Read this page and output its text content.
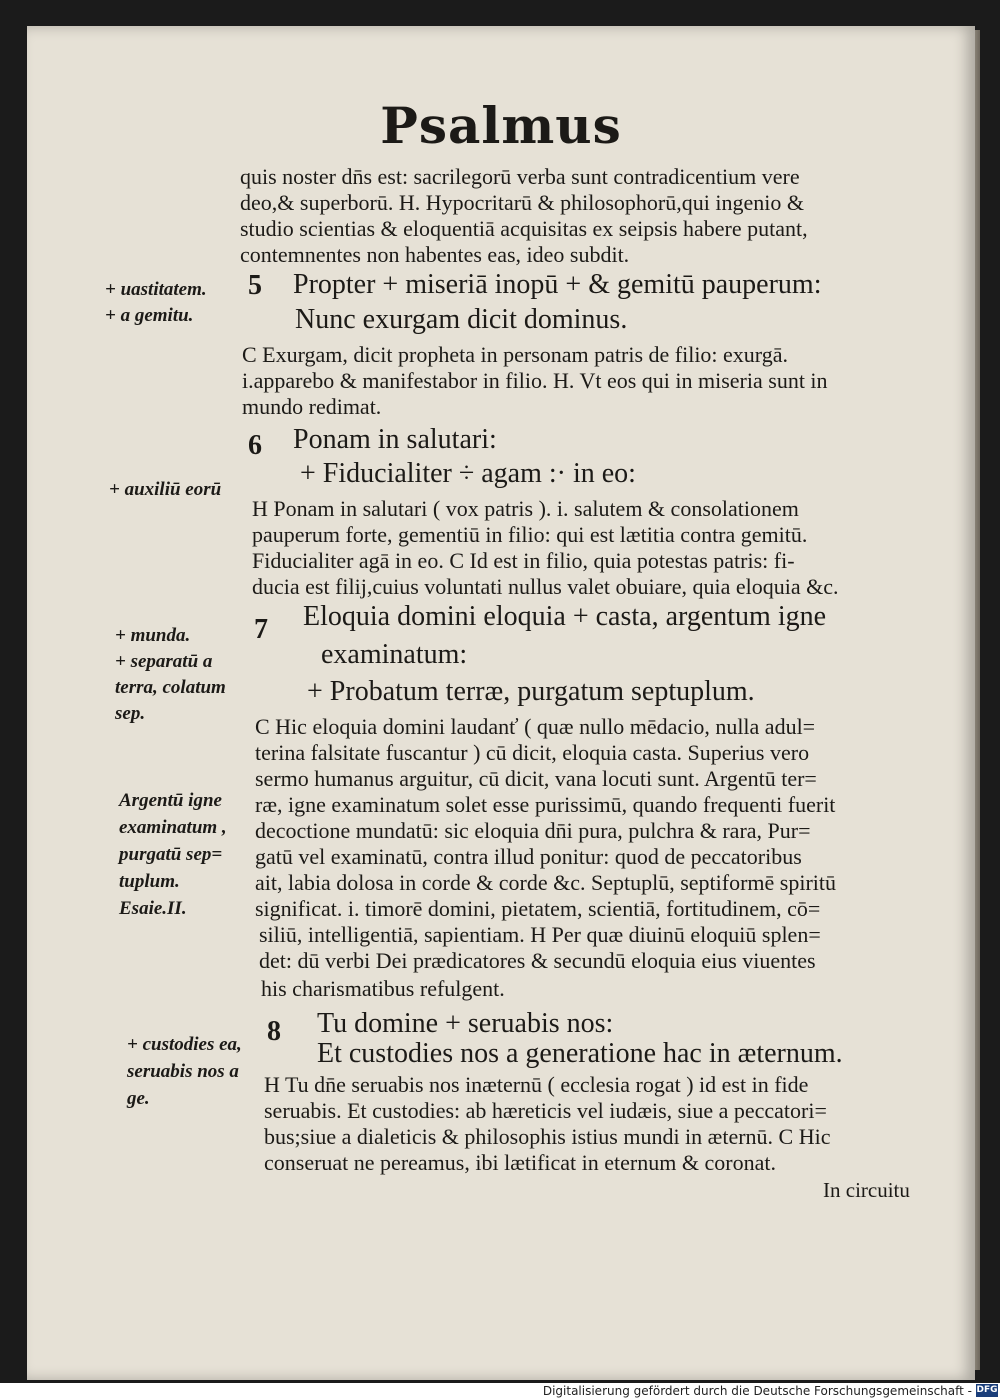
Psalmus
quis noster dn̄s est: sacrilegorū verba sunt contradicentium vere
deo,& superborū. H. Hypocritarū & philosophorū,qui ingenio &
studio scientias & eloquentiā acquisitas ex seipsis habere putant,
contemnentes non habentes eas, ideo subdit.
+ uastitatem.
+ a gemitu.
5 Propter + miseriā inopū + & gemitū pauperum:
Nunc exurgam dicit dominus.
C Exurgam, dicit propheta in personam patris de filio: exurgā.
i.apparebo & manifestabor in filio. H. Vt eos qui in miseria sunt in
mundo redimat.
+ auxiliū eorū
6 Ponam in salutari:
+ Fiducialiter ÷ agam :· in eo:
H Ponam in salutari ( vox patris ). i. salutem & consolationem
pauperum forte, gementiū in filio: qui est lætitia contra gemitū.
Fiducialiter agā in eo. C Id est in filio, quia potestas patris: fi-
ducia est filij,cuius voluntati nullus valet obuiare, quia eloquia &c.
+ munda.
+ separatū a
terra, colatum
sep.
Argentū igne
examinatum ,
purgatū sep=
tuplum.
Esaie.II.
7 Eloquia domini eloquia + casta, argentum igne
examinatum:
+ Probatum terræ, purgatum septuplum.
C Hic eloquia domini laudanť ( quæ nullo mēdacio, nulla adul=
terina falsitate fuscantur ) cū dicit, eloquia casta. Superius vero
sermo humanus arguitur, cū dicit, vana locuti sunt. Argentū ter=
ræ, igne examinatum solet esse purissimū, quando frequenti fuerit
decoctione mundatū: sic eloquia dn̄i pura, pulchra & rara, Pur=
gatū vel examinatū, contra illud ponitur: quod de peccatoribus
ait, labia dolosa in corde & corde &c. Septuplū, septiformē spiritū
significat. i. timorē domini, pietatem, scientiā, fortitudinem, cō=
siliū, intelligentiā, sapientiam. H Per quæ diuinū eloquiū splen=
det: dū verbi Dei prædicatores & secundū eloquia eius viuentes
his charismatibus refulgent.
+ custodies ea,
seruabis nos a
ge.
8 Tu domine + seruabis nos:
Et custodies nos a generatione hac in æternum.
H Tu dn̄e seruabis nos inæternū ( ecclesia rogat ) id est in fide
seruabis. Et custodies: ab hæreticis vel iudæis, siue a peccatori=
bus;siue a dialeticis & philosophis istius mundi in æternū. C Hic
conseruat ne pereamus, ibi lætificat in eternum & coronat.
In circuitu
Digitalisierung gefördert durch die Deutsche Forschungsgemeinschaft - DFG
